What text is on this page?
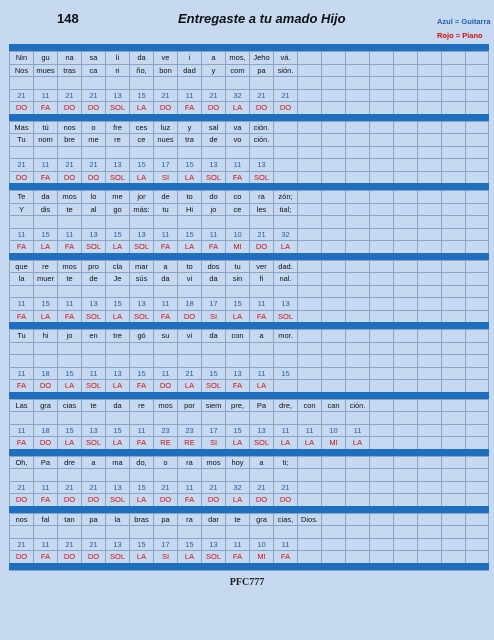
148	Entregaste a tu amado Hijo	Azul = Guitarra
Rojo = Piano
Nin	gu	na	sa	li	da	ve	i	a	mos,	Jeho	vá.
Nos	mues	tras	ca	ri	ño,	bon	dad	y	com	pa	sión.
21	11	21	21	13	15	21	11	21	32	21	21
DO	FA	DO	DO	SOL	LA	DO	FA	DO	LA	DO	DO
Mas	tú	nos	o	fre	ces	luz	y	sal	va	ción.
Tu	nom	bre	me	re	ce	nues	tra	de	vo	ción.
21	11	21	21	13	15	17	15	13	11	13
DO	FA	DO	DO	SOL	LA	SI	LA	SOL	FA	SOL
Te	da	mos	lo	me	jor	de	to	do	co	ra	zón;
Y	dis	te	al	go	más:	tu	Hi	jo	ce	les	tial;
11	15	11	13	15	13	11	15	11	10	21	32
FA	LA	FA	SOL	LA	SOL	FA	LA	FA	MI	DO	LA
que	re	mos	pro	cla	mar	a	to	dos	tu	ver	dad.
la	muer	te	de	Je	sús	da	vi	da	sin	fi	nal.
11	15	11	13	15	13	11	18	17	15	11	13
FA	LA	FA	SOL	LA	SOL	FA	DO	SI	LA	FA	SOL
Tu	hi	jo	en	tre	gó	su	vi	da	con	a	mor.
11	18	15	11	13	15	11	21	15	13	11	15
FA	DO	LA	SOL	LA	FA	DO	LA	SOL	FA	LA
Las	gra	cias	te	da	re	mos	por	siem	pre,	Pa	dre,	con	can	ción.
11	18	15	13	15	11	23	23	17	15	13	11	11	10	11
FA	DO	LA	SOL	LA	FA	RE	RE	SI	LA	SOL	LA	LA	MI	LA
Oh,	Pa	dre	a	ma	do,	o	ra	mos	hoy	a	ti;
21	11	21	21	13	15	21	11	21	32	21	21
DO	FA	DO	DO	SOL	LA	DO	FA	DO	LA	DO	DO
nos	fal	tan	pa	la	bras	pa	ra	dar	te	gra	cias,	Dios.
21	11	21	21	13	15	17	15	13	11	10	11
DO	FA	DO	DO	SOL	LA	SI	LA	SOL	FA	MI	FA
PFC777
